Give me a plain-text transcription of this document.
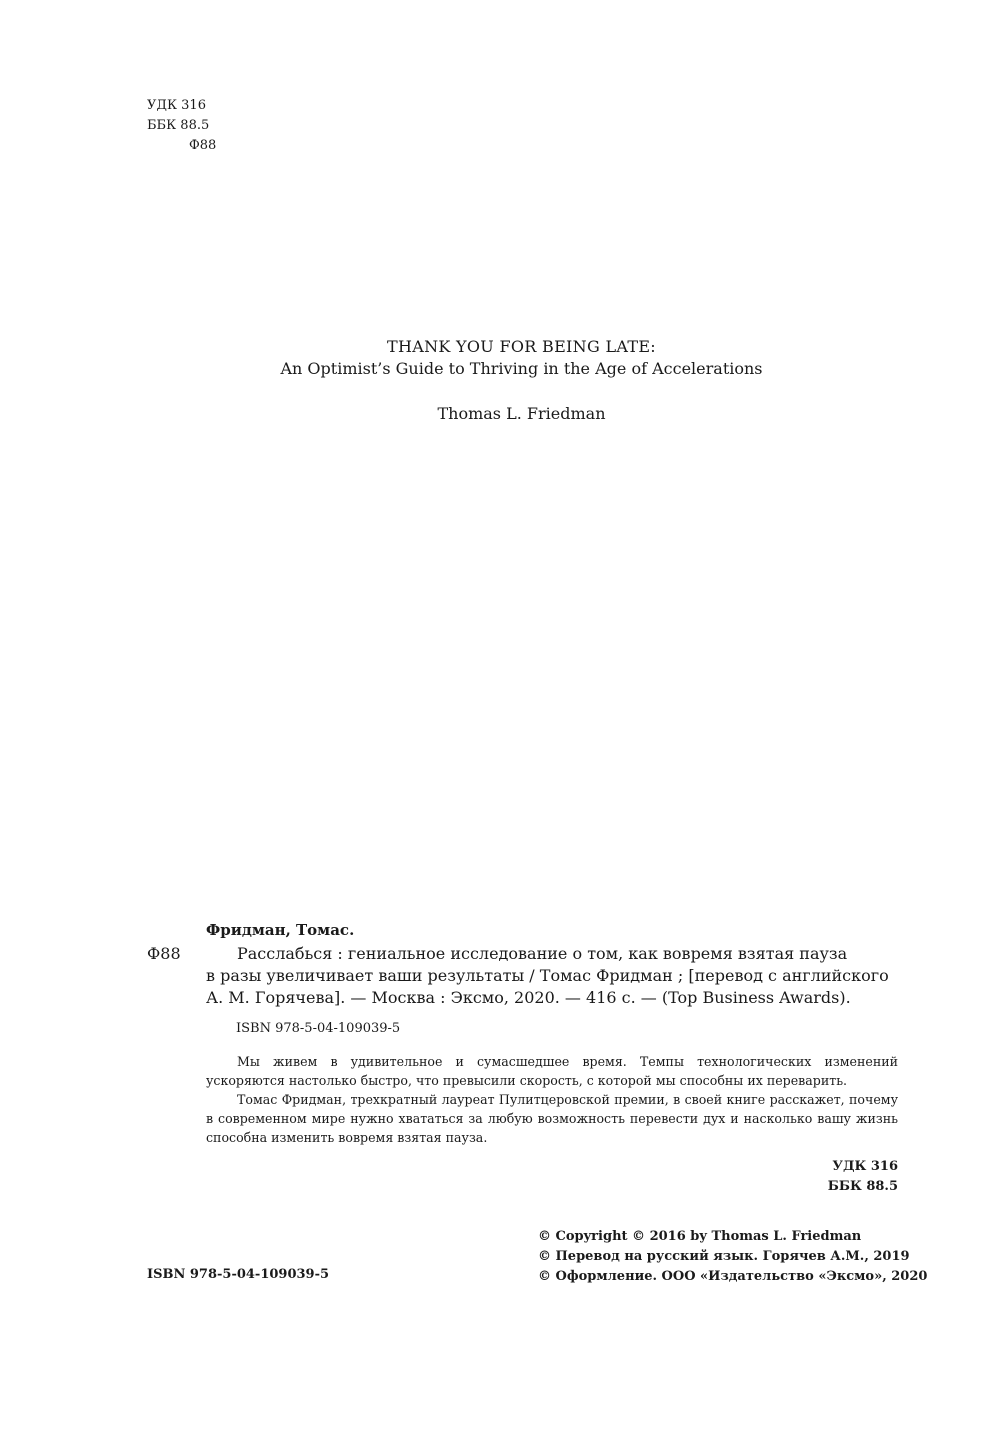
УДК 316
ББК 88.5
Ф88
THANK YOU FOR BEING LATE:
An Optimist’s Guide to Thriving in the Age of Accelerations
Thomas L. Friedman
Фридман, Томас.
Ф88	Расслабься : гениальное исследование о том, как вовремя взятая пауза
в разы увеличивает ваши результаты / Томас Фридман ; [перевод с английского
А. М. Горячева]. — Москва : Эксмо, 2020. — 416 с. — (Top Business Awards).
ISBN 978-5-04-109039-5

Мы живем в удивительное и сумасшедшее время. Темпы технологических изменений ускоряются настолько быстро, что превысили скорость, с которой мы способны их переварить.

Томас Фридман, трехкратный лауреат Пулитцеровской премии, в своей книге расскажет, почему в современном мире нужно хвататься за любую возможность перевести дух и насколько вашу жизнь способна изменить вовремя взятая пауза.

УДК 316
ББК 88.5
© Copyright © 2016 by Thomas L. Friedman
© Перевод на русский язык. Горячев А.М., 2019
© Оформление. ООО «Издательство «Эксмо», 2020
ISBN 978-5-04-109039-5
